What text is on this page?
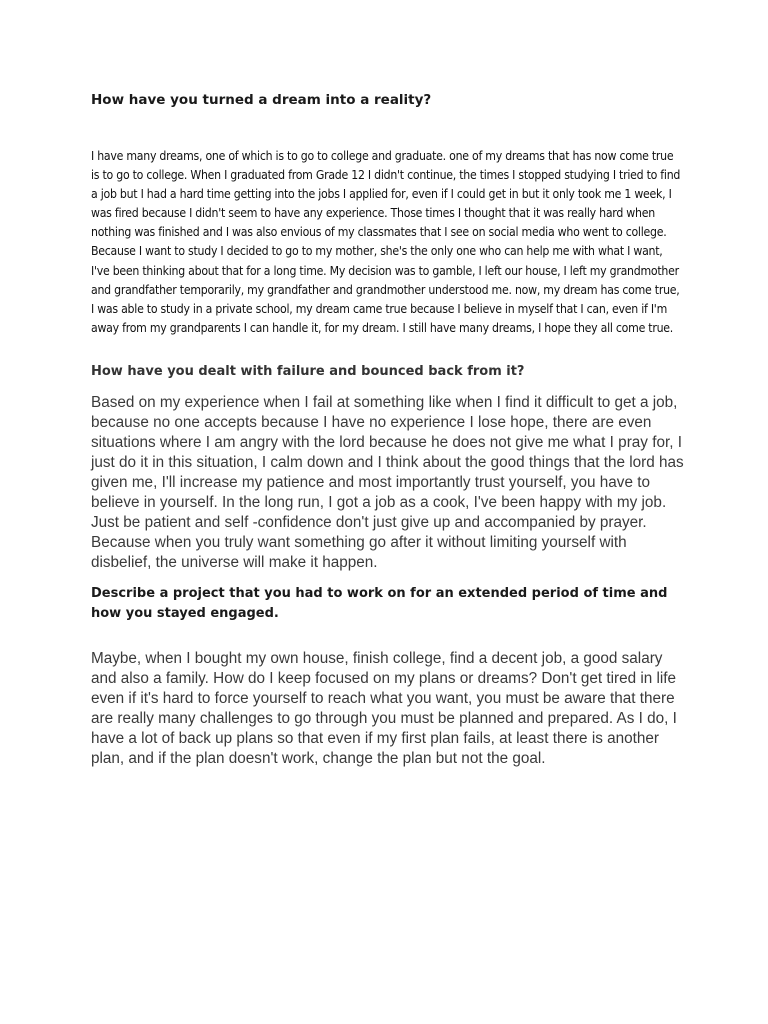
How have you turned a dream into a reality?

I have many dreams, one of which is to go to college and graduate. one of my dreams that has now come true is to go to college. When I graduated from Grade 12 I didn't continue, the times I stopped studying I tried to find a job but I had a hard time getting into the jobs I applied for, even if I could get in but it only took me 1 week, I was fired because I didn't seem to have any experience. Those times I thought that it was really hard when nothing was finished and I was also envious of my classmates that I see on social media who went to college. Because I want to study I decided to go to my mother, she's the only one who can help me with what I want, I've been thinking about that for a long time. My decision was to gamble, I left our house, I left my grandmother and grandfather temporarily, my grandfather and grandmother understood me. now, my dream has come true, I was able to study in a private school, my dream came true because I believe in myself that I can, even if I'm away from my grandparents I can handle it, for my dream. I still have many dreams, I hope they all come true.

How have you dealt with failure and bounced back from it?

Based on my experience when I fail at something like when I find it difficult to get a job, because no one accepts because I have no experience I lose hope, there are even situations where I am angry with the lord because he does not give me what I pray for, I just do it in this situation, I calm down and I think about the good things that the lord has given me, I'll increase my patience and most importantly trust yourself, you have to believe in yourself. In the long run, I got a job as a cook, I've been happy with my job. Just be patient and self -confidence don't just give up and accompanied by prayer. Because when you truly want something go after it without limiting yourself with disbelief, the universe will make it happen.

Describe a project that you had to work on for an extended period of time and how you stayed engaged.

Maybe, when I bought my own house, finish college, find a decent job, a good salary and also a family. How do I keep focused on my plans or dreams? Don't get tired in life even if it's hard to force yourself to reach what you want, you must be aware that there are really many challenges to go through you must be planned and prepared. As I do, I have a lot of back up plans so that even if my first plan fails, at least there is another plan, and if the plan doesn't work, change the plan but not the goal.
